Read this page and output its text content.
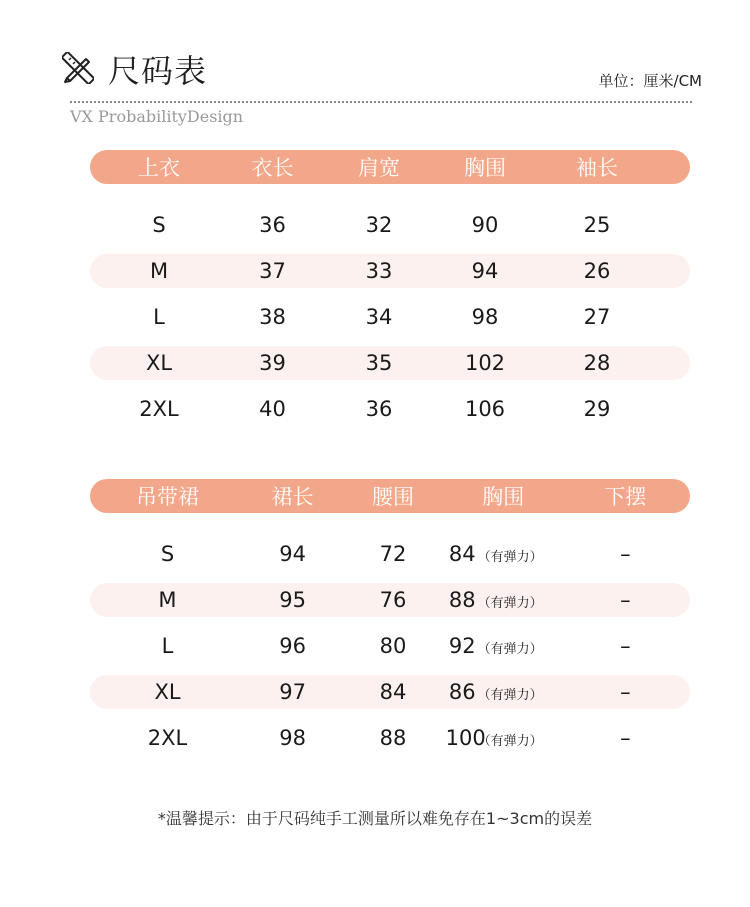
尺码表	单位：厘米/CM
VX ProbabilityDesign
上衣	衣长	肩宽	胸围	袖长
S	36	32	90	25
M	37	33	94	26
L	38	34	98	27
XL	39	35	102	28
2XL	40	36	106	29
吊带裙	裙长	腰围	胸围	下摆
S	94	72	84 （有弹力）	–
M	95	76	88 （有弹力）	–
L	96	80	92 （有弹力）	–
XL	97	84	86 （有弹力）	–
2XL	98	88	100（有弹力）	–
*温馨提示：由于尺码纯手工测量所以难免存在1~3cm的误差
